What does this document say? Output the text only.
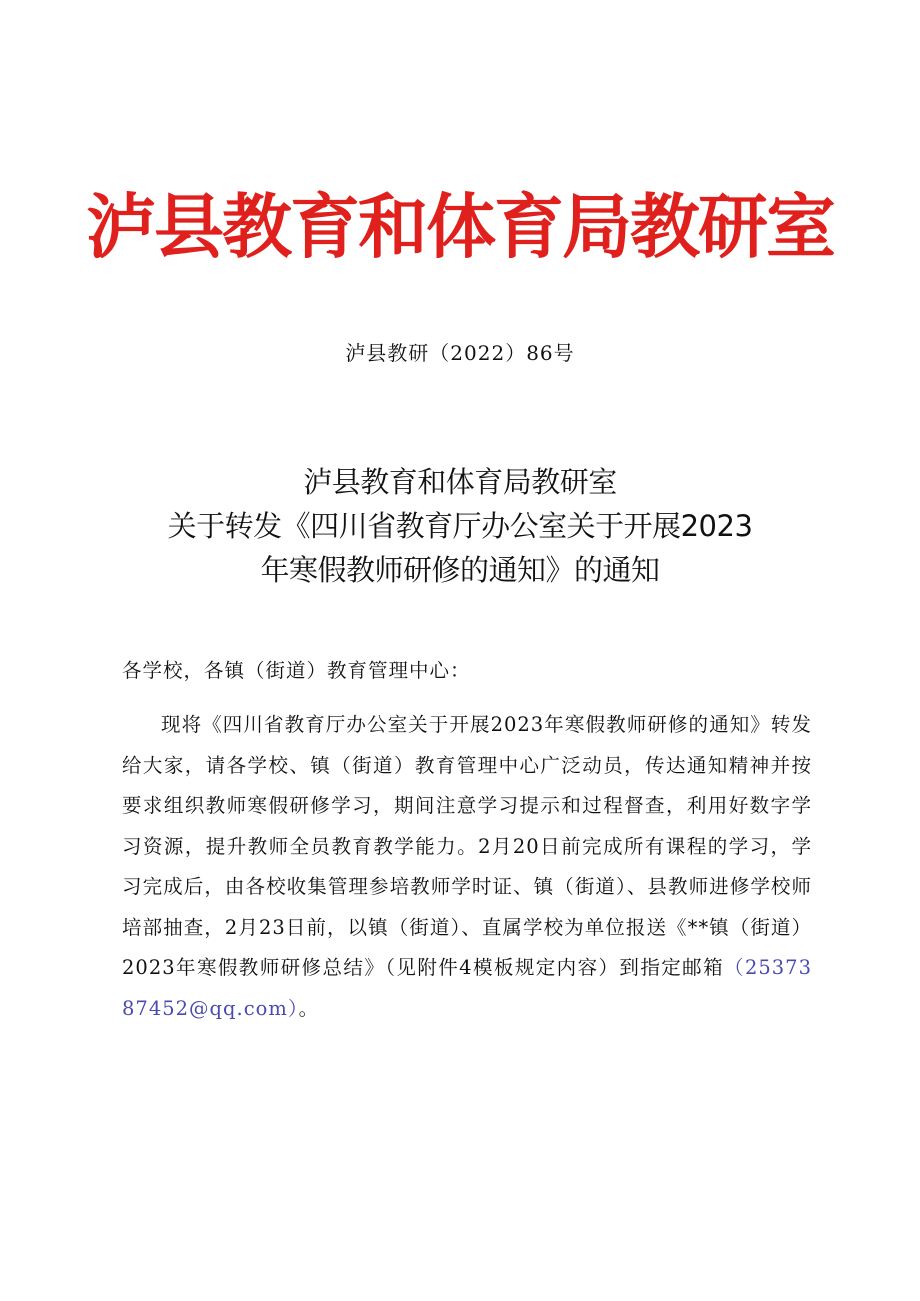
泸县教育和体育局教研室
泸县教研（2022）86号
泸县教育和体育局教研室
关于转发《四川省教育厅办公室关于开展2023
年寒假教师研修的通知》的通知
各学校，各镇（街道）教育管理中心：
现将《四川省教育厅办公室关于开展2023年寒假教师研修的通知》转发给大家，请各学校、镇（街道）教育管理中心广泛动员，传达通知精神并按要求组织教师寒假研修学习，期间注意学习提示和过程督查，利用好数字学习资源，提升教师全员教育教学能力。2月20日前完成所有课程的学习，学习完成后，由各校收集管理参培教师学时证、镇（街道）、县教师进修学校师培部抽查，2月23日前，以镇（街道）、直属学校为单位报送《**镇（街道）2023年寒假教师研修总结》（见附件4模板规定内容）到指定邮箱（2537387452@qq.com）。
